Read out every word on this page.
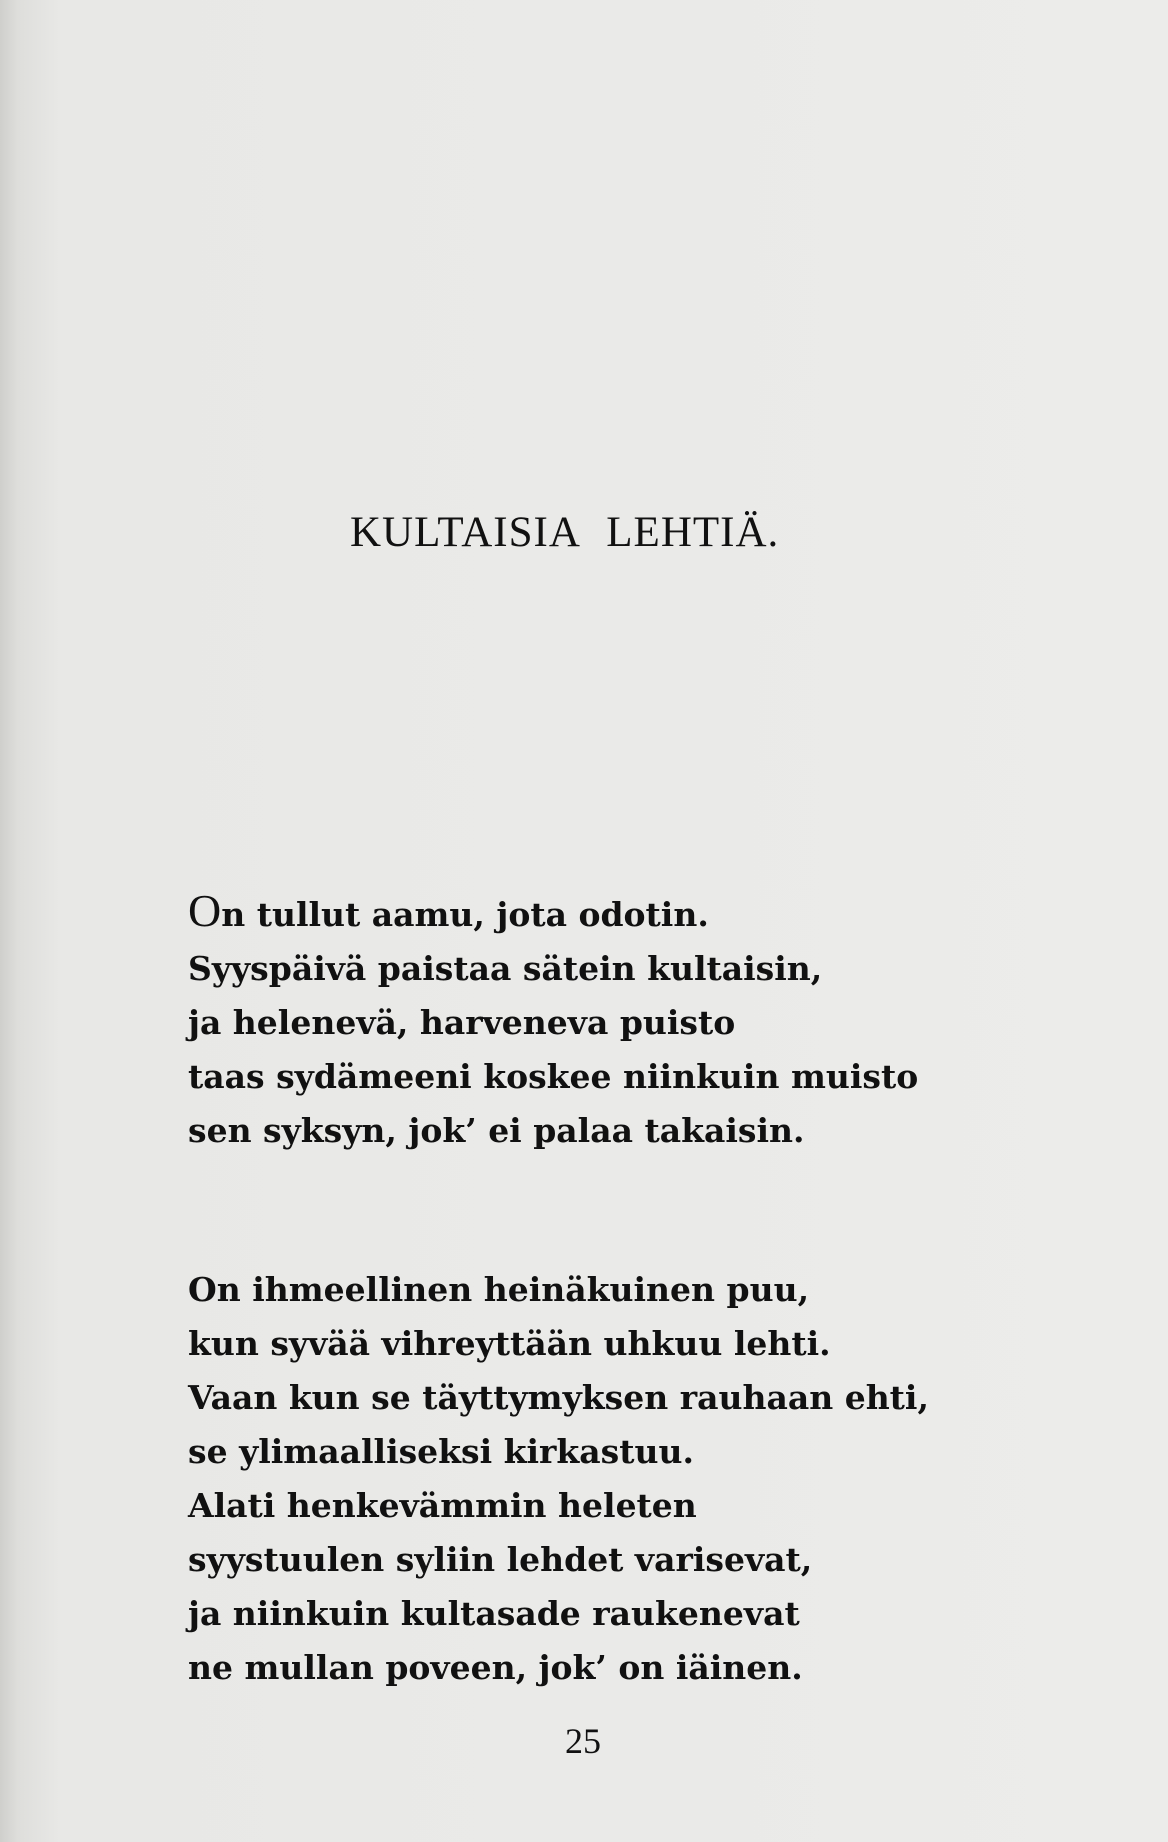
KULTAISIA LEHTIÄ.
On tullut aamu, jota odotin.
Syyspäivä paistaa sätein kultaisin,
ja helenevä, harveneva puisto
taas sydämeeni koskee niinkuin muisto
sen syksyn, jok’ ei palaa takaisin.
On ihmeellinen heinäkuinen puu,
kun syvää vihreyttään uhkuu lehti.
Vaan kun se täyttymyksen rauhaan ehti,
se ylimaalliseksi kirkastuu.
Alati henkevämmin heleten
syystuulen syliin lehdet varisevat,
ja niinkuin kultasade raukenevat
ne mullan poveen, jok’ on iäinen.
25
